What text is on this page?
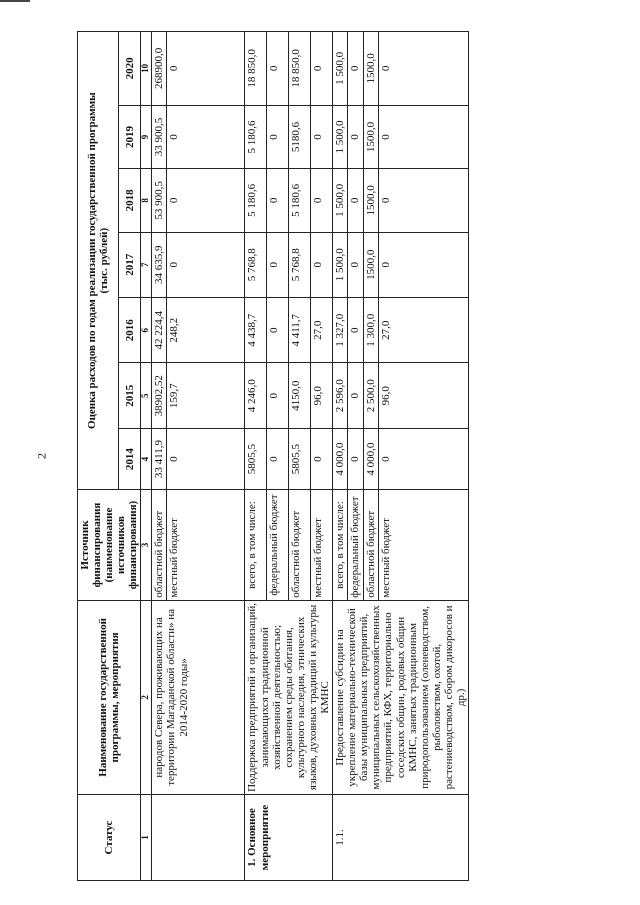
2
Статус	Наименование государственной программы, мероприятия	Источник финансирования (наименование источников финансирования)	Оценка расходов по годам реализации государственной программы
(тыс. рублей)						
			2014	2015	2016	2017	2018	2019	2020
1	2	3	4	5	6	7	8	9	10
	народов Севера, проживающих на территории Магаданской области» на 2014-2020 годы»	областной бюджет	33 411,9	38902,52	42 224,4	34 635,9	53 900,5	33 900,5	268900,0
		местный бюджет	0	159,7	248,2	0	0	0	0
1. Основное мероприятие	Поддержка предприятий и организаций, занимающихся традиционной хозяйственной деятельностью; сохранением среды обитания, культурного наследия, этнических языков, духовных традиций и культуры КМНС	всего, в том числе:	5805,5	4 246,0	4 438,7	5 768,8	5 180,6	5 180,6	18 850,0
		федеральный бюджет	0	0	0	0	0	0	0
		областной бюджет	5805,5	4150,0	4 411,7	5 768,8	5 180,6	5180,6	18 850,0
		местный бюджет	0	96,0	27,0	0	0	0	0
1.1.	Предоставление субсидии на укрепление материально-технической базы муниципальных предприятий, муниципальных сельскохозяйственных предприятий, КФХ, территориально соседских общин, родовых общин КМНС, занятых традиционным природопользованием (оленеводством, рыболовством, охотой, растениеводством, сбором дикоросов и др.)	всего, в том числе:	4 000,0	2 596,0	1 327,0	1 500,0	1 500,0	1 500,0	1 500,0
		федеральный бюджет	0	0	0	0	0	0	0
		областной бюджет	4 000,0	2 500,0	1 300,0	1500,0	1500,0	1500,0	1500,0
		местный бюджет	0	96,0	27,0	0	0	0	0
